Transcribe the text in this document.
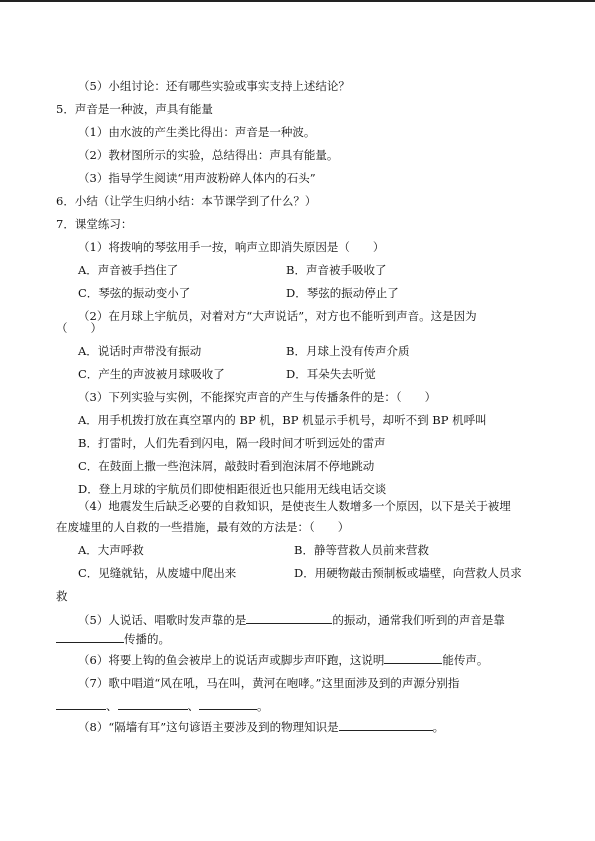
（5）小组讨论：还有哪些实验或事实支持上述结论？
5．声音是一种波，声具有能量
（1）由水波的产生类比得出：声音是一种波。
（2）教材图所示的实验，总结得出：声具有能量。
（3）指导学生阅读“用声波粉碎人体内的石头”
6．小结（让学生归纳小结：本节课学到了什么？）
7．课堂练习：
（1）将拨响的琴弦用手一按，响声立即消失原因是（　　）
A．声音被手挡住了	B．声音被手吸收了
C．琴弦的振动变小了	D．琴弦的振动停止了
（2）在月球上宇航员，对着对方“大声说话”，对方也不能听到声音。这是因为
（　　）
A．说话时声带没有振动	B．月球上没有传声介质
C．产生的声波被月球吸收了	D．耳朵失去听觉
（3）下列实验与实例，不能探究声音的产生与传播条件的是：（　　）
A．用手机拨打放在真空罩内的 BP 机，BP 机显示手机号，却听不到 BP 机呼叫
B．打雷时，人们先看到闪电，隔一段时间才听到远处的雷声
C．在鼓面上撒一些泡沫屑，敲鼓时看到泡沫屑不停地跳动
D．登上月球的宇航员们即使相距很近也只能用无线电话交谈
（4）地震发生后缺乏必要的自救知识，是使丧生人数增多一个原因，以下是关于被埋
在废墟里的人自救的一些措施，最有效的方法是：（　　）
A．大声呼救	B．静等营救人员前来营救
C．见缝就钻，从废墟中爬出来	D．用硬物敲击预制板或墙壁，向营救人员求
救
（5）人说话、唱歌时发声靠的是	的振动，通常我们听到的声音是靠
传播的。
（6）将要上钩的鱼会被岸上的说话声或脚步声吓跑，这说明	能传声。
（7）歌中唱道“风在吼，马在叫，黄河在咆哮。”这里面涉及到的声源分别指
、	、	。
（8）“隔墙有耳”这句谚语主要涉及到的物理知识是	。
